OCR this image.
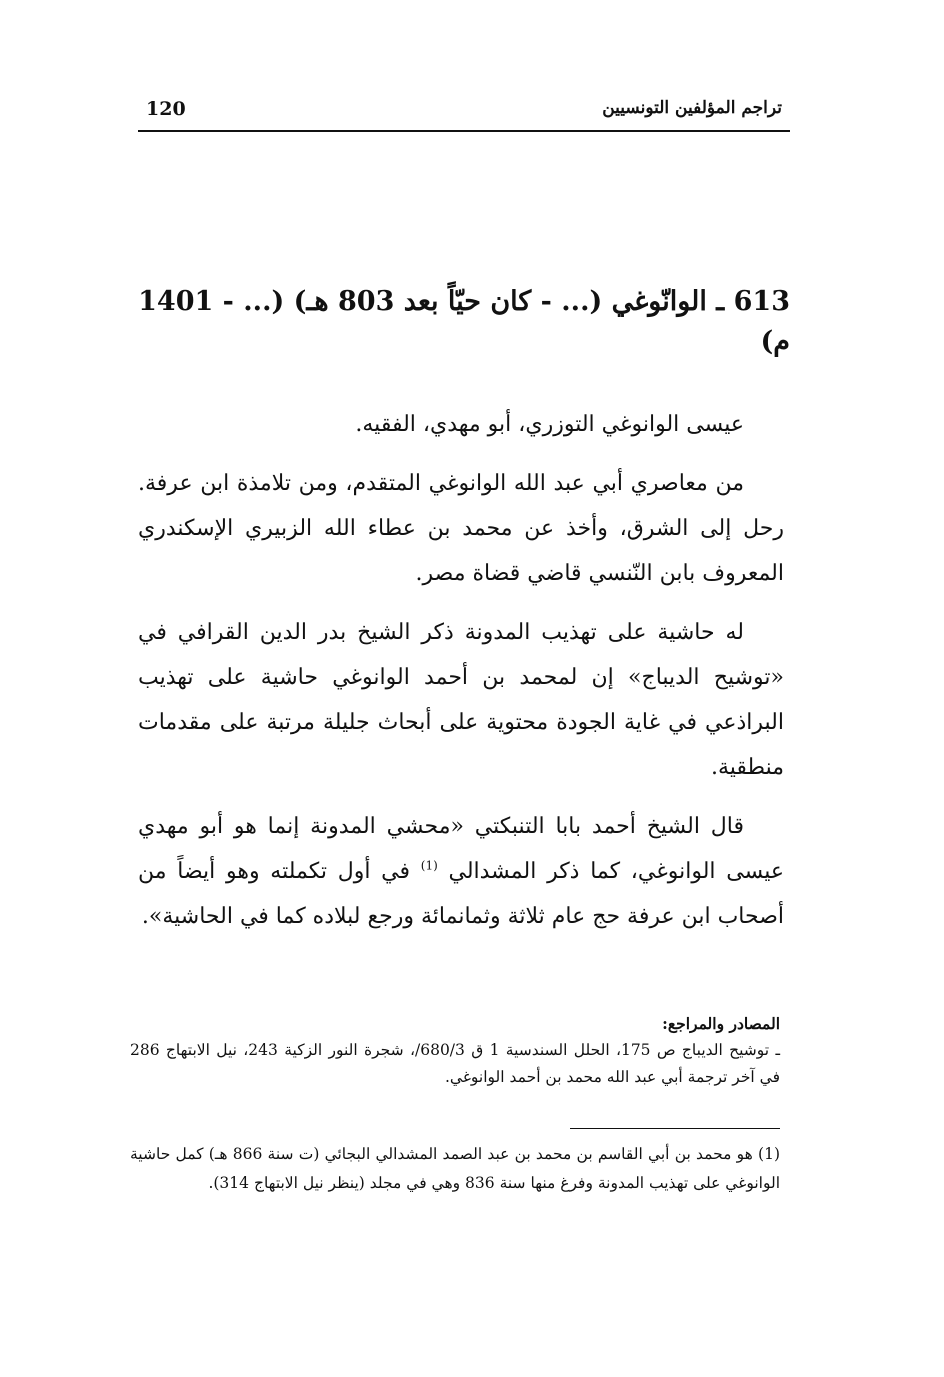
120	تراجم المؤلفين التونسيين
613 ـ الوانّوغي (... - كان حيّاً بعد 803 هـ) (... - 1401 م)

عيسى الوانوغي التوزري، أبو مهدي، الفقيه.

من معاصري أبي عبد الله الوانوغي المتقدم، ومن تلامذة ابن عرفة. رحل إلى الشرق، وأخذ عن محمد بن عطاء الله الزبيري الإسكندري المعروف بابن النّنسي قاضي قضاة مصر.

له حاشية على تهذيب المدونة ذكر الشيخ بدر الدين القرافي في «توشيح الديباج» إن لمحمد بن أحمد الوانوغي حاشية على تهذيب البراذعي في غاية الجودة محتوية على أبحاث جليلة مرتبة على مقدمات منطقية.

قال الشيخ أحمد بابا التنبكتي «محشي المدونة إنما هو أبو مهدي عيسى الوانوغي، كما ذكر المشدالي $^{(1)}$ في أول تكملته وهو أيضاً من أصحاب ابن عرفة حج عام ثلاثة وثمانمائة ورجع لبلاده كما في الحاشية».

المصادر والمراجع:
ـ توشيح الديباج ص 175، الحلل السندسية 1 ق 680/3/، شجرة النور الزكية 243، نيل الابتهاج 286 في آخر ترجمة أبي عبد الله محمد بن أحمد الوانوغي.
(1) هو محمد بن أبي القاسم بن محمد بن عبد الصمد المشدالي البجائي (ت سنة 866 هـ) كمل حاشية الوانوغي على تهذيب المدونة وفرغ منها سنة 836 وهي في مجلد (ينظر نيل الابتهاج 314).
